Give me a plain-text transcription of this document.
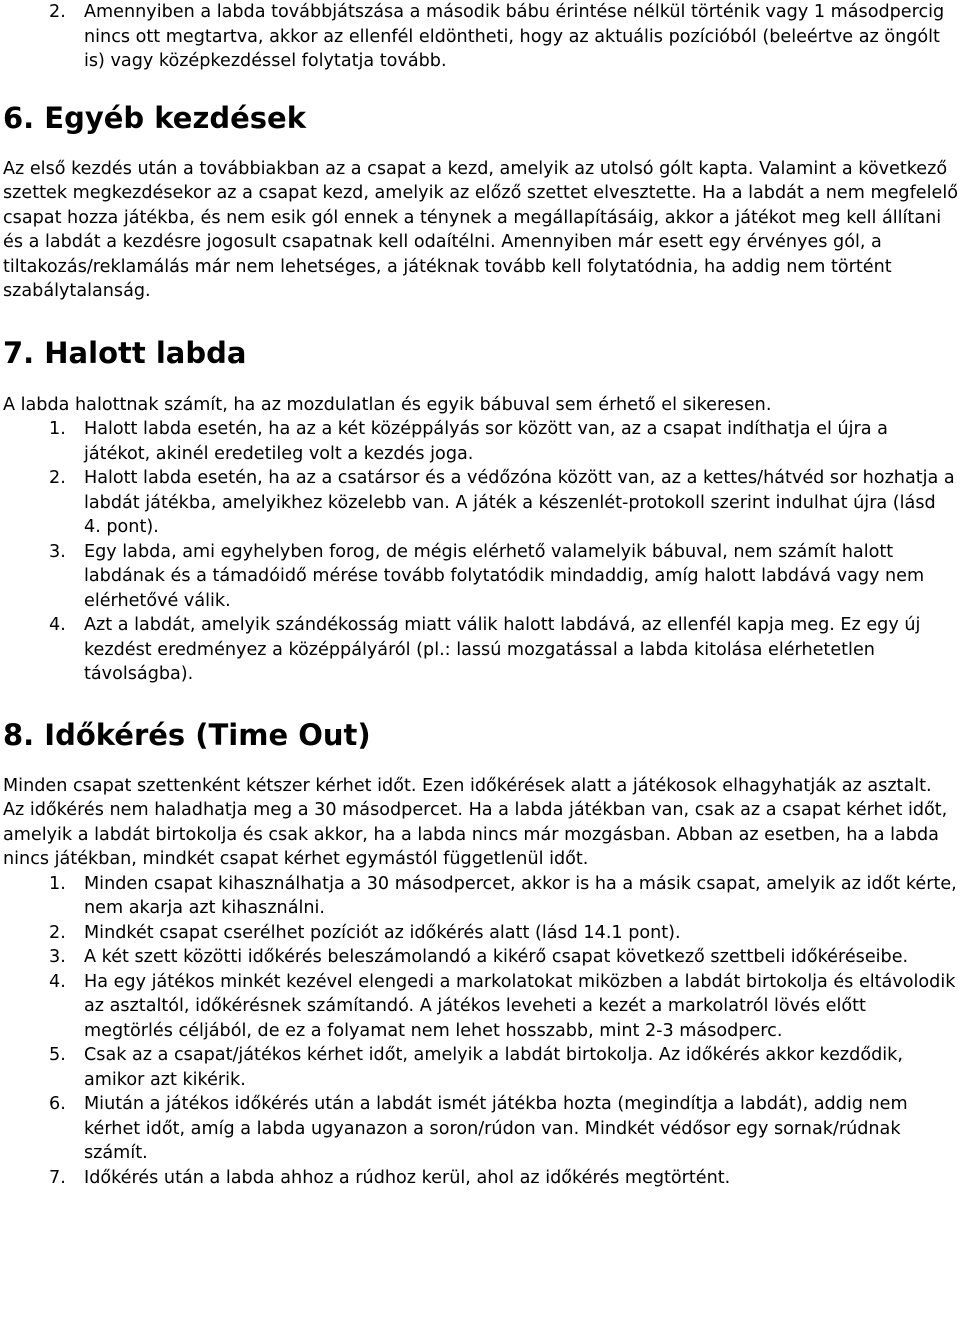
2. Amennyiben a labda továbbjátszása a második bábu érintése nélkül történik vagy 1 másodpercig nincs ott megtartva, akkor az ellenfél eldöntheti, hogy az aktuális pozícióból (beleértve az öngólt is) vagy középkezdéssel folytatja tovább.
6. Egyéb kezdések
Az első kezdés után a továbbiakban az a csapat a kezd, amelyik az utolsó gólt kapta. Valamint a következő szettek megkezdésekor az a csapat kezd, amelyik az előző szettet elvesztette. Ha a labdát a nem megfelelő csapat hozza játékba, és nem esik gól ennek a ténynek a megállapításáig, akkor a játékot meg kell állítani és a labdát a kezdésre jogosult csapatnak kell odaítélni. Amennyiben már esett egy érvényes gól, a tiltakozás/reklamálás már nem lehetséges, a játéknak tovább kell folytatódnia, ha addig nem történt szabálytalanság.
7. Halott labda
A labda halottnak számít, ha az mozdulatlan és egyik bábuval sem érhető el sikeresen.
1. Halott labda esetén, ha az a két középpályás sor között van, az a csapat indíthatja el újra a játékot, akinél eredetileg volt a kezdés joga.
2. Halott labda esetén, ha az a csatársor és a védőzóna között van, az a kettes/hátvéd sor hozhatja a labdát játékba, amelyikhez közelebb van. A játék a készenlét-protokoll szerint indulhat újra (lásd 4. pont).
3. Egy labda, ami egyhelyben forog, de mégis elérhető valamelyik bábuval, nem számít halott labdának és a támadóidő mérése tovább folytatódik mindaddig, amíg halott labdává vagy nem elérhetővé válik.
4. Azt a labdát, amelyik szándékosság miatt válik halott labdává, az ellenfél kapja meg. Ez egy új kezdést eredményez a középpályáról (pl.: lassú mozgatással a labda kitolása elérhetetlen távolságba).
8. Időkérés (Time Out)
Minden csapat szettenként kétszer kérhet időt. Ezen időkérések alatt a játékosok elhagyhatják az asztalt. Az időkérés nem haladhatja meg a 30 másodpercet. Ha a labda játékban van, csak az a csapat kérhet időt, amelyik a labdát birtokolja és csak akkor, ha a labda nincs már mozgásban. Abban az esetben, ha a labda nincs játékban, mindkét csapat kérhet egymástól függetlenül időt.
1. Minden csapat kihasználhatja a 30 másodpercet, akkor is ha a másik csapat, amelyik az időt kérte, nem akarja azt kihasználni.
2. Mindkét csapat cserélhet pozíciót az időkérés alatt (lásd 14.1 pont).
3. A két szett közötti időkérés beleszámolandó a kikérő csapat következő szettbeli időkéréseibe.
4. Ha egy játékos minkét kezével elengedi a markolatokat miközben a labdát birtokolja és eltávolodik az asztaltól, időkérésnek számítandó. A játékos leveheti a kezét a markolatról lövés előtt megtörlés céljából, de ez a folyamat nem lehet hosszabb, mint 2-3 másodperc.
5. Csak az a csapat/játékos kérhet időt, amelyik a labdát birtokolja. Az időkérés akkor kezdődik, amikor azt kikérik.
6. Miután a játékos időkérés után a labdát ismét játékba hozta (megindítja a labdát), addig nem kérhet időt, amíg a labda ugyanazon a soron/rúdon van. Mindkét védősor egy sornak/rúdnak számít.
7. Időkérés után a labda ahhoz a rúdhoz kerül, ahol az időkérés megtörtént.
